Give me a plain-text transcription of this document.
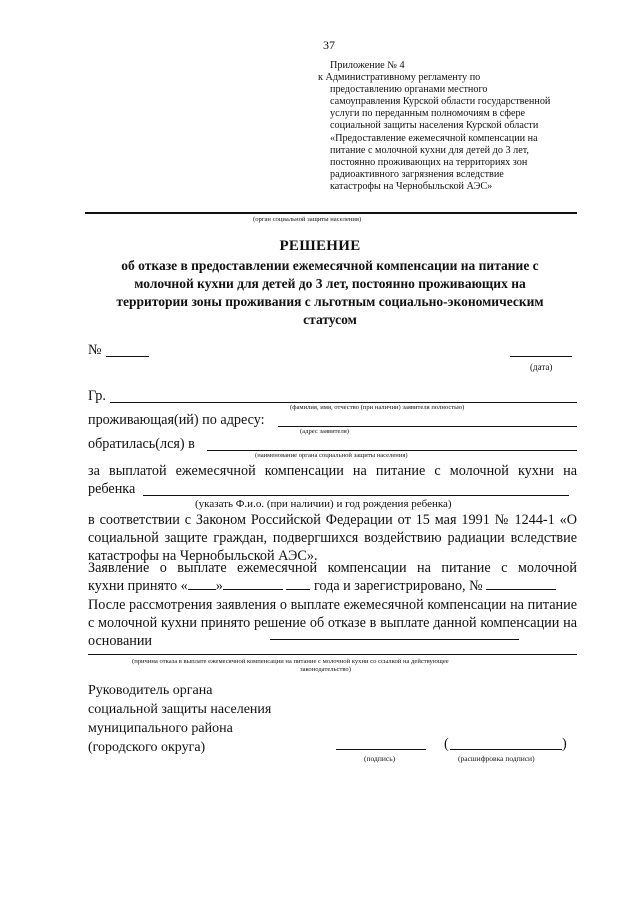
37
Приложение № 4
к Административному регламенту по
предоставлению органами местного
самоуправления Курской области государственной
услуги по переданным полномочиям в сфере
социальной защиты населения Курской области
«Предоставление ежемесячной компенсации на
питание с молочной кухни для детей до 3 лет,
постоянно проживающих на территориях зон
радиоактивного загрязнения вследствие
катастрофы на Чернобыльской АЭС»
(орган социальной защиты населения)
РЕШЕНИЕ
об отказе в предоставлении ежемесячной компенсации на питание с молочной кухни для детей до 3 лет, постоянно проживающих на территории зоны проживания с льготным социально-экономическим статусом
№
(дата)
Гр.
(фамилия, имя, отчество (при наличии) заявителя полностью)
проживающая(ий) по адресу:
(адрес заявителя)
обратилась(лся) в
(наименование органа социальной защиты населения)
за выплатой ежемесячной компенсации на питание с молочной кухни на
ребенка
(указать Ф.и.о. (при наличии) и год рождения ребенка)
в соответствии с Законом Российской Федерации от 15 мая 1991 № 1244-1 «О социальной защите граждан, подвергшихся воздействию радиации вследствие катастрофы на Чернобыльской АЭС».
Заявление о выплате ежемесячной компенсации на питание с молочной
кухни принято « »	года и зарегистрировано, №
После рассмотрения заявления о выплате ежемесячной компенсации на питание с молочной кухни принято решение об отказе в выплате данной компенсации на основании
(причина отказа в выплате ежемесячной компенсации на питание с молочной кухни со ссылкой на действующее
законодательство)
Руководитель органа
социальной защиты населения
муниципального района
(городского округа)	(	)
(подпись)	(расшифровка подписи)
